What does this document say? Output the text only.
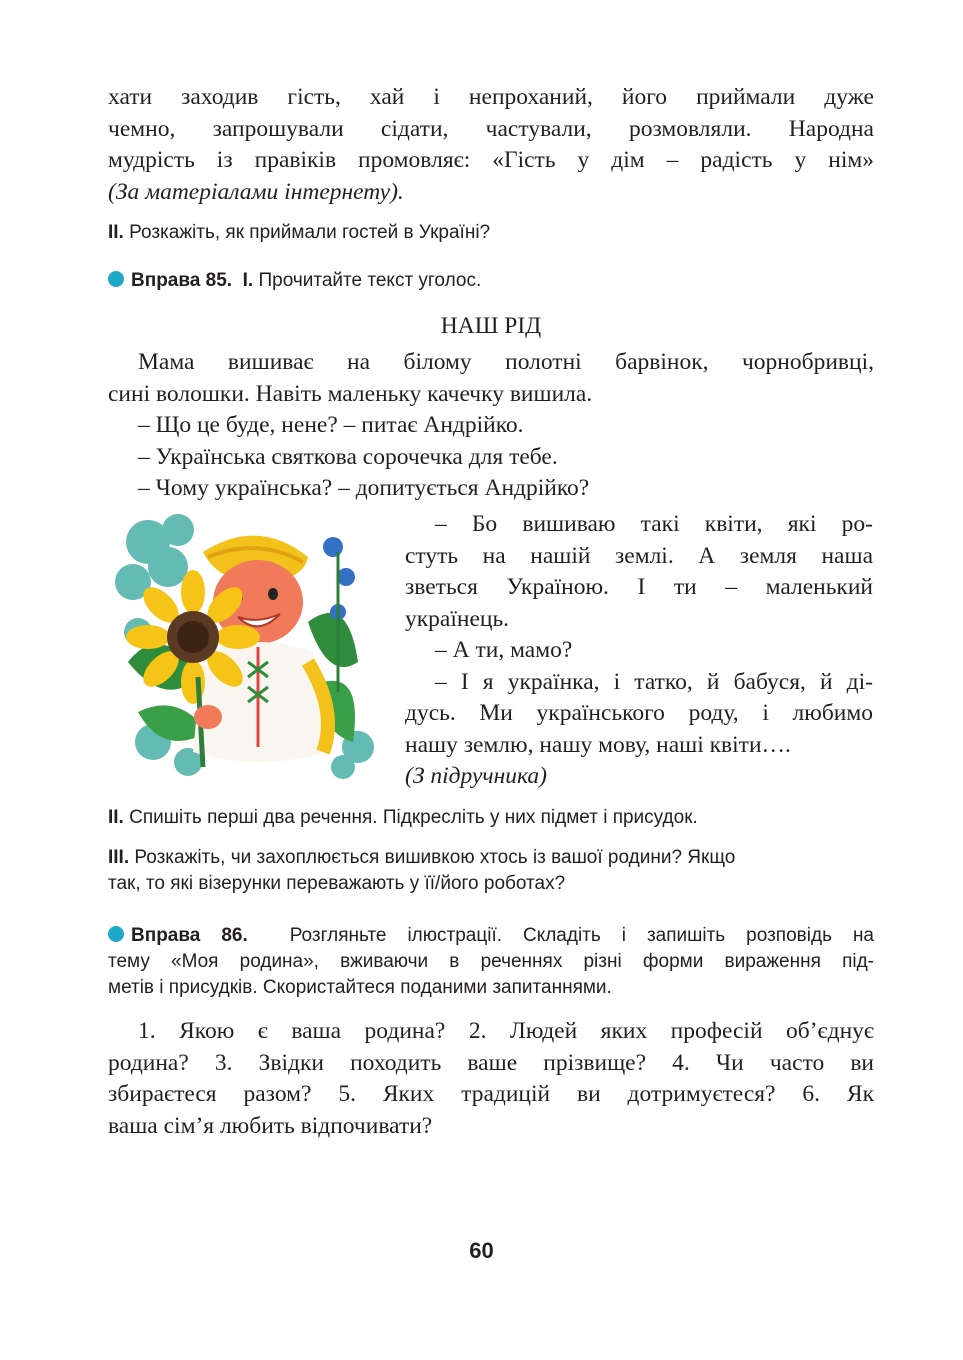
хати заходив гість, хай і непроханий, його приймали дуже

чемно, запрошували сідати, частували, розмовляли. Народна

мудрість із правіків промовляє: «Гість у дім – радість у нім»

(За матеріалами інтернету).

II. Розкажіть, як приймали гостей в Україні?

Вправа 85. I. Прочитайте текст уголос.

НАШ РІД

Мама вишиває на білому полотні барвінок, чорнобривці,

сині волошки. Навіть маленьку качечку вишила.

– Що це буде, нене? – питає Андрійко.

– Українська святкова сорочечка для тебе.

– Чому українська? – допитується Андрійко?

– Бо вишиваю такі квіти, які ро-

стуть на нашій землі. А земля наша

зветься Україною. І ти – маленький

українець.

– А ти, мамо?

– І я українка, і татко, й бабуся, й ді-

дусь. Ми українського роду, і любимо

нашу землю, нашу мову, наші квіти….

(З підручника)

II. Спишіть перші два речення. Підкресліть у них підмет і присудок.

III. Розкажіть, чи захоплюється вишивкою хтось із вашої родини? Якщо

так, то які візерунки переважають у її/його роботах?

Вправа 86. Розгляньте ілюстрації. Складіть і запишіть розповідь на

тему «Моя родина», вживаючи в реченнях різні форми вираження під-

метів і присудків. Скористайтеся поданими запитаннями.

1. Якою є ваша родина? 2. Людей яких професій об’єднує

родина? 3. Звідки походить ваше прізвище? 4. Чи часто ви

збираєтеся разом? 5. Яких традицій ви дотримуєтеся? 6. Як

ваша сім’я любить відпочивати?

60
